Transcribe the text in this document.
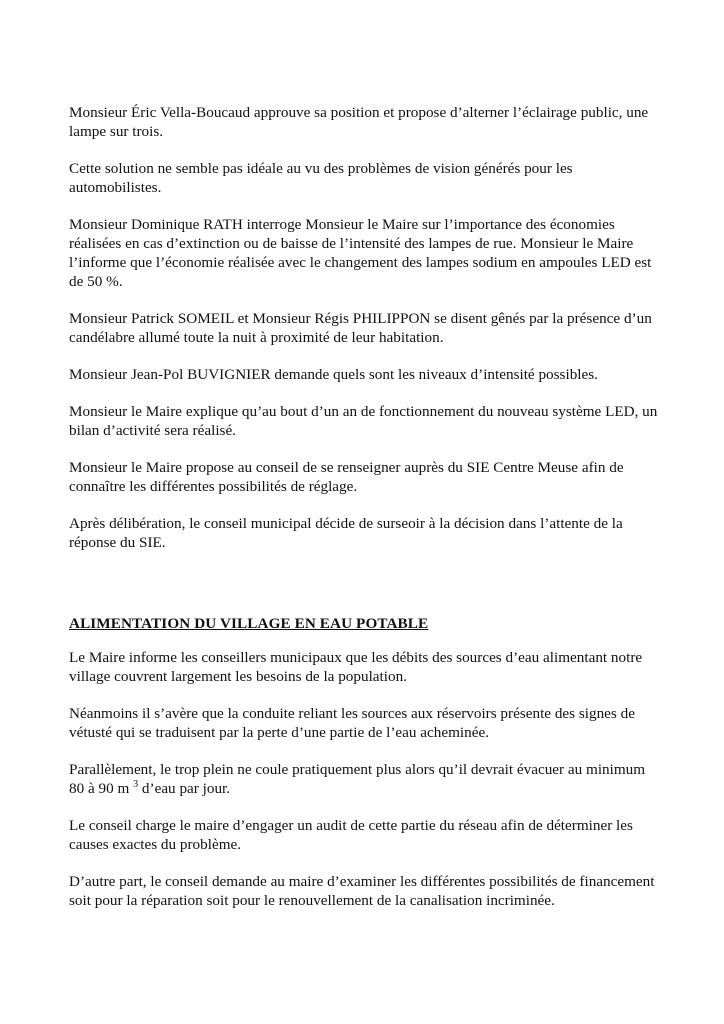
Monsieur Éric Vella-Boucaud approuve sa position et propose d’alterner l’éclairage public, une lampe sur trois.

Cette solution ne semble pas idéale au vu des problèmes de vision générés pour les automobilistes.

Monsieur Dominique RATH interroge Monsieur le Maire sur l’importance des économies réalisées en cas d’extinction ou de baisse de l’intensité des lampes de rue. Monsieur le Maire l’informe que l’économie réalisée avec le changement des lampes sodium en ampoules LED est de 50 %.

Monsieur Patrick SOMEIL et Monsieur Régis PHILIPPON se disent gênés par la présence d’un candélabre allumé toute la nuit à proximité de leur habitation.

Monsieur Jean-Pol BUVIGNIER demande quels sont les niveaux d’intensité possibles.

Monsieur le Maire explique qu’au bout d’un an de fonctionnement du nouveau système LED, un bilan d’activité sera réalisé.

Monsieur le Maire propose au conseil de se renseigner auprès du SIE Centre Meuse afin de connaître les différentes possibilités de réglage.

Après délibération, le conseil municipal décide de surseoir à la décision dans l’attente de la réponse du SIE.

ALIMENTATION DU VILLAGE EN EAU POTABLE

Le Maire informe les conseillers municipaux que les débits des sources d’eau alimentant notre village couvrent largement les besoins de la population.

Néanmoins il s’avère que la conduite reliant les sources aux réservoirs présente des signes de vétusté qui se traduisent par la perte d’une partie de l’eau acheminée.

Parallèlement, le trop plein ne coule pratiquement plus alors qu’il devrait évacuer au minimum 80 à 90 m $^3$ d’eau par jour.

Le conseil charge le maire d’engager un audit de cette partie du réseau afin de déterminer les causes exactes du problème.

D’autre part, le conseil demande au maire d’examiner les différentes possibilités de financement soit pour la réparation soit pour le renouvellement de la canalisation incriminée.
